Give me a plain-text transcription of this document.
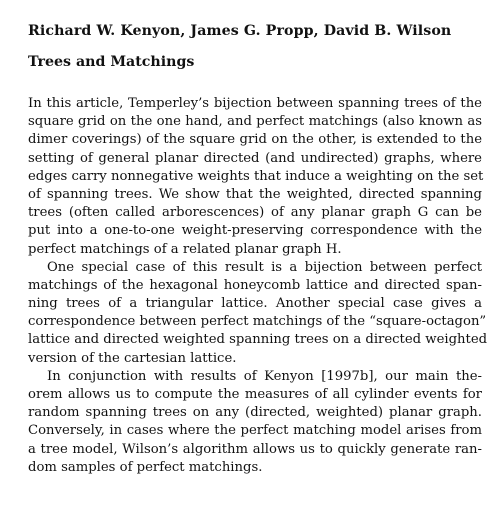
Richard W. Kenyon, James G. Propp, David B. Wilson
Trees and Matchings
In this article, Temperley’s bijection between spanning trees of the
square grid on the one hand, and perfect matchings (also known as
dimer coverings) of the square grid on the other, is extended to the
setting of general planar directed (and undirected) graphs, where
edges carry nonnegative weights that induce a weighting on the set
of spanning trees. We show that the weighted, directed spanning
trees (often called arborescences) of any planar graph G can be
put into a one-to-one weight-preserving correspondence with the
perfect matchings of a related planar graph H.
One special case of this result is a bijection between perfect
matchings of the hexagonal honeycomb lattice and directed span-
ning trees of a triangular lattice. Another special case gives a
correspondence between perfect matchings of the “square-octagon”
lattice and directed weighted spanning trees on a directed weighted
version of the cartesian lattice.
In conjunction with results of Kenyon [1997b], our main the-
orem allows us to compute the measures of all cylinder events for
random spanning trees on any (directed, weighted) planar graph.
Conversely, in cases where the perfect matching model arises from
a tree model, Wilson’s algorithm allows us to quickly generate ran-
dom samples of perfect matchings.
